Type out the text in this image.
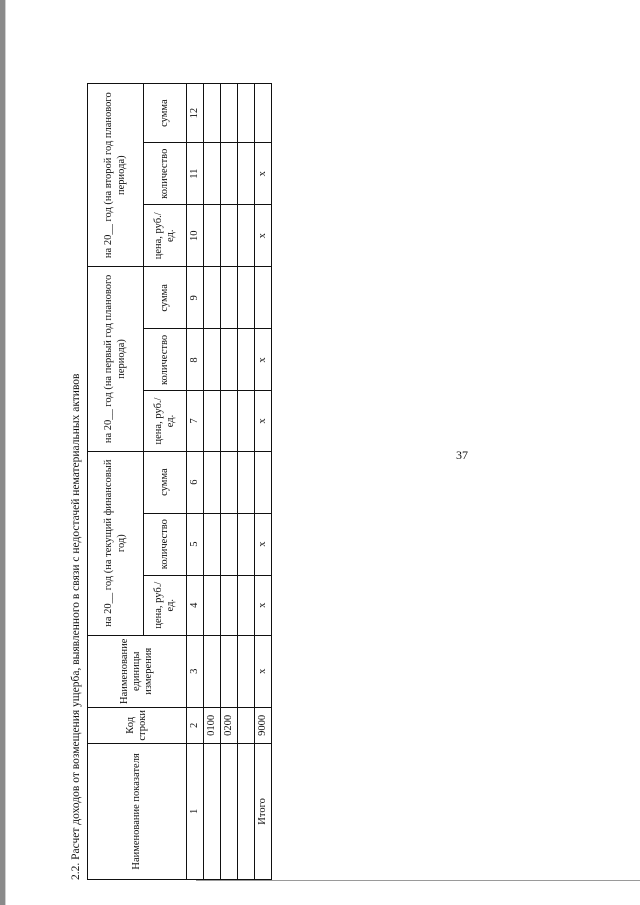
37
2.2. Расчет доходов от возмещения ущерба, выявленного в связи с недостачей нематериальных активов	Наименование показателя	Код строки	Наименование единицы измерения	на 20__ год (на текущий финансовый год)			на 20__ год (на первый год планового периода)			на 20__ год (на второй год планового периода)		
			цена, руб./ед.	количество	сумма	цена, руб./ед.	количество	сумма	цена, руб./ед.	количество	сумма
1	2	3	4	5	6	7	8	9	10	11	12
	0100										
	0200										

Итого	9000	x	x	x		x	x		x	x	
